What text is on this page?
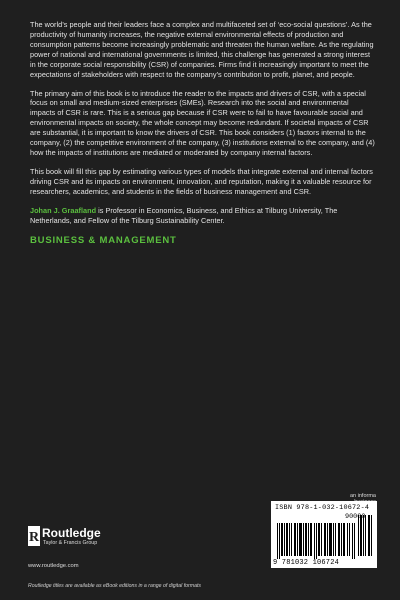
The world’s people and their leaders face a complex and multifaceted set of ‘eco-social questions’. As the productivity of humanity increases, the negative external environmental effects of production and consumption patterns become increasingly problematic and threaten the human welfare. As the regulating power of national and international governments is limited, this challenge has generated a strong interest in the corporate social responsibility (CSR) of companies. Firms find it increasingly important to meet the expectations of stakeholders with respect to the company’s contribution to profit, planet, and people.

The primary aim of this book is to introduce the reader to the impacts and drivers of CSR, with a special focus on small and medium-sized enterprises (SMEs). Research into the social and environmental impacts of CSR is rare. This is a serious gap because if CSR were to fail to have favourable social and environmental impacts on society, the whole concept may become redundant. If societal impacts of CSR are substantial, it is important to know the drivers of CSR. This book considers (1) factors internal to the company, (2) the competitive environment of the company, (3) institutions external to the company, and (4) how the impacts of institutions are mediated or moderated by company internal factors.

This book will fill this gap by estimating various types of models that integrate external and internal factors driving CSR and its impacts on environment, innovation, and reputation, making it a valuable resource for researchers, academics, and students in the fields of business management and CSR.

Johan J. Graafland is Professor in Economics, Business, and Ethics at Tilburg University, The Netherlands, and Fellow of the Tilburg Sustainability Center.

BUSINESS & MANAGEMENT
an informa
ISBN 978-1-032-10672-4
90000
9 781032 106724
R Routledge
Taylor & Francis Group
www.routledge.com
Routledge titles are available as eBook editions in a range of digital formats
